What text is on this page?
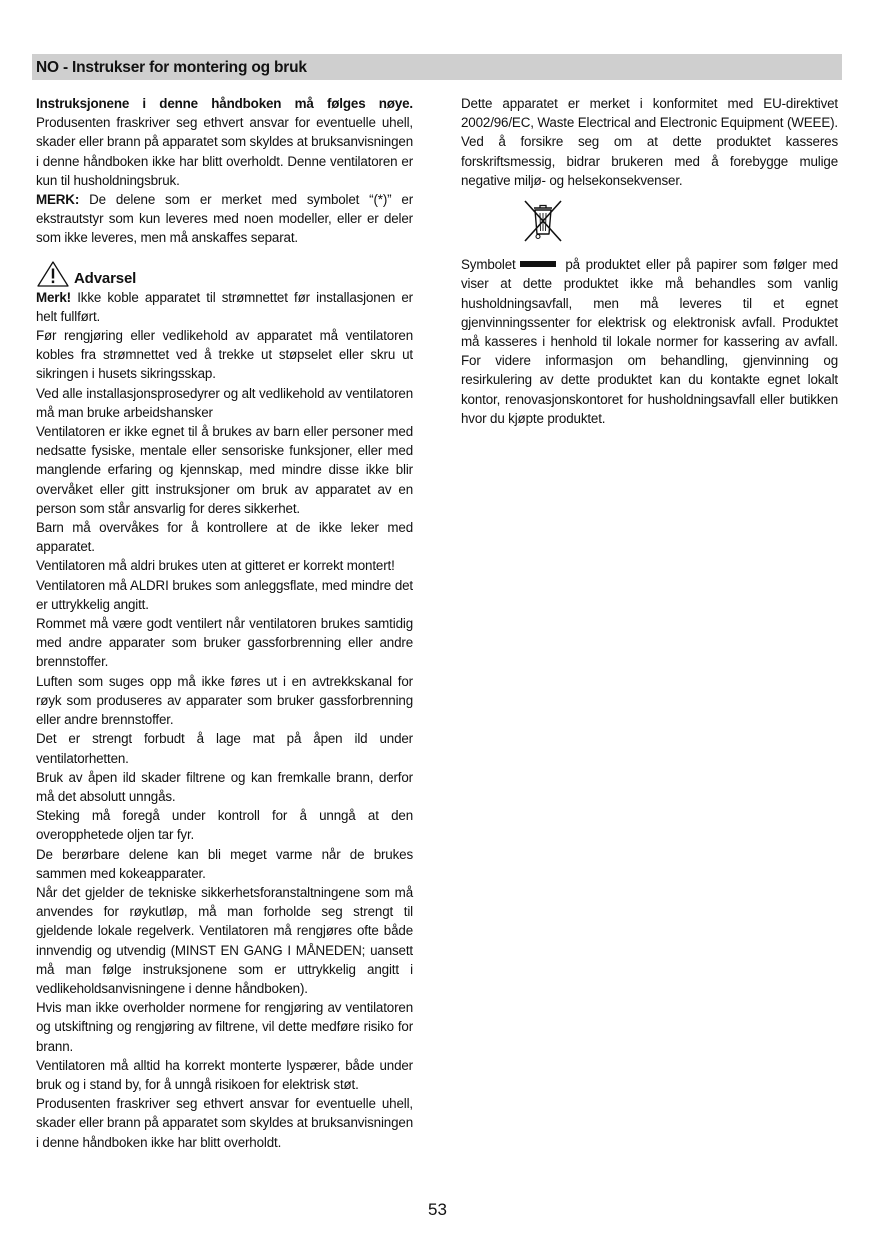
NO - Instrukser for montering og bruk

Instruksjonene i denne håndboken må følges nøye. Produsenten fraskriver seg ethvert ansvar for eventuelle uhell, skader eller brann på apparatet som skyldes at bruksanvisningen i denne håndboken ikke har blitt overholdt. Denne ventilatoren er kun til husholdningsbruk.

MERK: De delene som er merket med symbolet “(*)” er ekstrautstyr som kun leveres med noen modeller, eller er deler som ikke leveres, men må anskaffes separat.

Advarsel

Merk! Ikke koble apparatet til strømnettet før installasjonen er helt fullført.

Før rengjøring eller vedlikehold av apparatet må ventilatoren kobles fra strømnettet ved å trekke ut støpselet eller skru ut sikringen i husets sikringsskap.

Ved alle installasjonsprosedyrer og alt vedlikehold av ventilatoren må man bruke arbeidshansker

Ventilatoren er ikke egnet til å brukes av barn eller personer med nedsatte fysiske, mentale eller sensoriske funksjoner, eller med manglende erfaring og kjennskap, med mindre disse ikke blir overvåket eller gitt instruksjoner om bruk av apparatet av en person som står ansvarlig for deres sikkerhet.

Barn må overvåkes for å kontrollere at de ikke leker med apparatet.

Ventilatoren må aldri brukes uten at gitteret er korrekt montert!

Ventilatoren må ALDRI brukes som anleggsflate, med mindre det er uttrykkelig angitt.

Rommet må være godt ventilert når ventilatoren brukes samtidig med andre apparater som bruker gassforbrenning eller andre brennstoffer.

Luften som suges opp må ikke føres ut i en avtrekkskanal for røyk som produseres av apparater som bruker gassforbrenning eller andre brennstoffer.

Det er strengt forbudt å lage mat på åpen ild under ventilatorhetten.

Bruk av åpen ild skader filtrene og kan fremkalle brann, derfor må det absolutt unngås.

Steking må foregå under kontroll for å unngå at den overopphetede oljen tar fyr.

De berørbare delene kan bli meget varme når de brukes sammen med kokeapparater.

Når det gjelder de tekniske sikkerhetsforanstaltningene som må anvendes for røykutløp, må man forholde seg strengt til gjeldende lokale regelverk. Ventilatoren må rengjøres ofte både innvendig og utvendig (MINST EN GANG I MÅNEDEN; uansett må man følge instruksjonene som er uttrykkelig angitt i vedlikeholdsanvisningene i denne håndboken).

Hvis man ikke overholder normene for rengjøring av ventilatoren og utskiftning og rengjøring av filtrene, vil dette medføre risiko for brann.

Ventilatoren må alltid ha korrekt monterte lyspærer, både under bruk og i stand by, for å unngå risikoen for elektrisk støt.

Produsenten fraskriver seg ethvert ansvar for eventuelle uhell, skader eller brann på apparatet som skyldes at bruksanvisningen i denne håndboken ikke har blitt overholdt.

Dette apparatet er merket i konformitet med EU-direktivet 2002/96/EC, Waste Electrical and Electronic Equipment (WEEE). Ved å forsikre seg om at dette produktet kasseres forskriftsmessig, bidrar brukeren med å forebygge mulige negative miljø- og helsekonsekvenser.

Symbolet	på produktet eller på papirer som følger med viser at dette produktet ikke må behandles som vanlig husholdningsavfall, men må leveres til et egnet gjenvinningssenter for elektrisk og elektronisk avfall. Produktet må kasseres i henhold til lokale normer for kassering av avfall. For videre informasjon om behandling, gjenvinning og resirkulering av dette produktet kan du kontakte egnet lokalt kontor, renovasjonskontoret for husholdningsavfall eller butikken hvor du kjøpte produktet.

53
